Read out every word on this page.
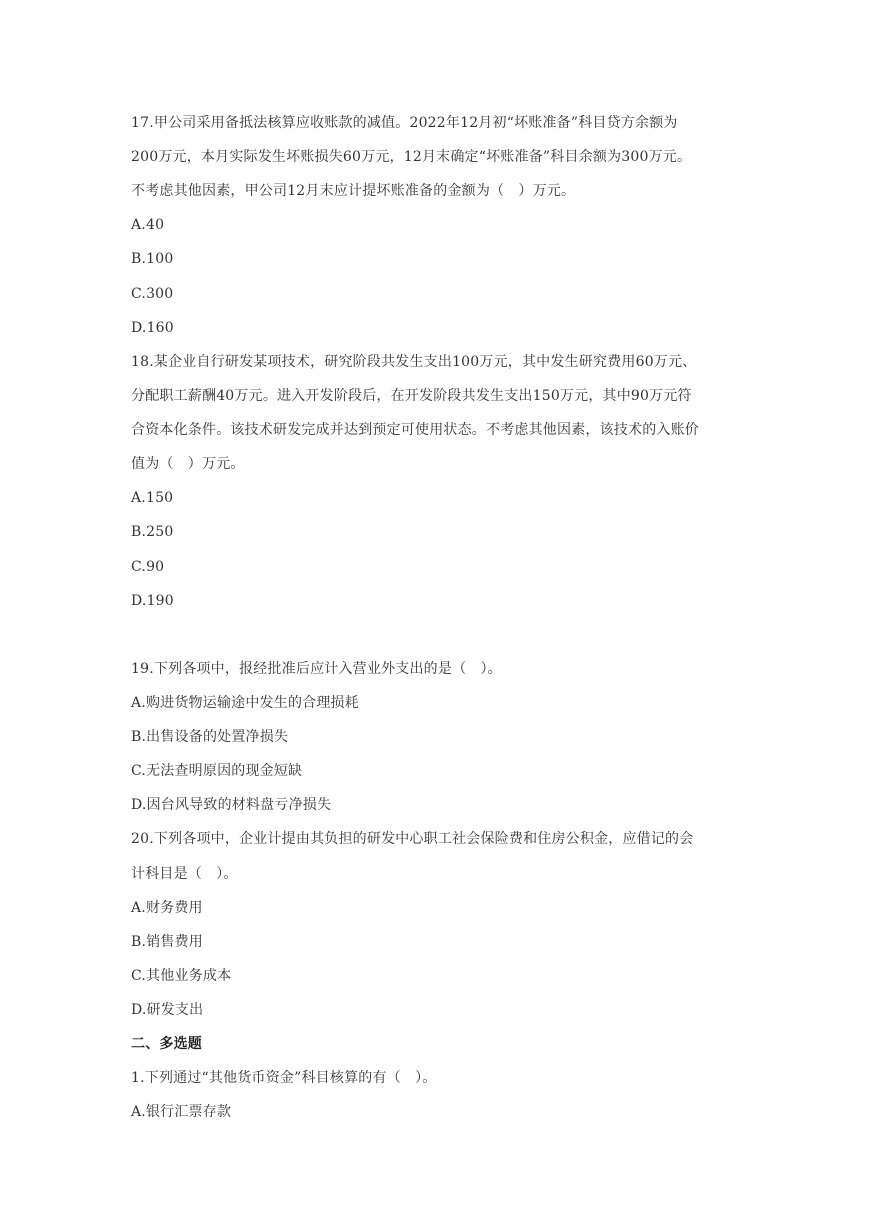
17.甲公司采用备抵法核算应收账款的减值。2022年12月初“坏账准备”科目贷方余额为
200万元，本月实际发生坏账损失60万元，12月末确定“坏账准备”科目余额为300万元。
不考虑其他因素，甲公司12月末应计提坏账准备的金额为（　）万元。
A.40
B.100
C.300
D.160
18.某企业自行研发某项技术，研究阶段共发生支出100万元，其中发生研究费用60万元、
分配职工薪酬40万元。进入开发阶段后，在开发阶段共发生支出150万元，其中90万元符
合资本化条件。该技术研发完成并达到预定可使用状态。不考虑其他因素，该技术的入账价
值为（　）万元。
A.150
B.250
C.90
D.190
19.下列各项中，报经批准后应计入营业外支出的是（　）。
A.购进货物运输途中发生的合理损耗
B.出售设备的处置净损失
C.无法查明原因的现金短缺
D.因台风导致的材料盘亏净损失
20.下列各项中，企业计提由其负担的研发中心职工社会保险费和住房公积金，应借记的会
计科目是（　）。
A.财务费用
B.销售费用
C.其他业务成本
D.研发支出
二、多选题
1.下列通过“其他货币资金”科目核算的有（　）。
A.银行汇票存款
